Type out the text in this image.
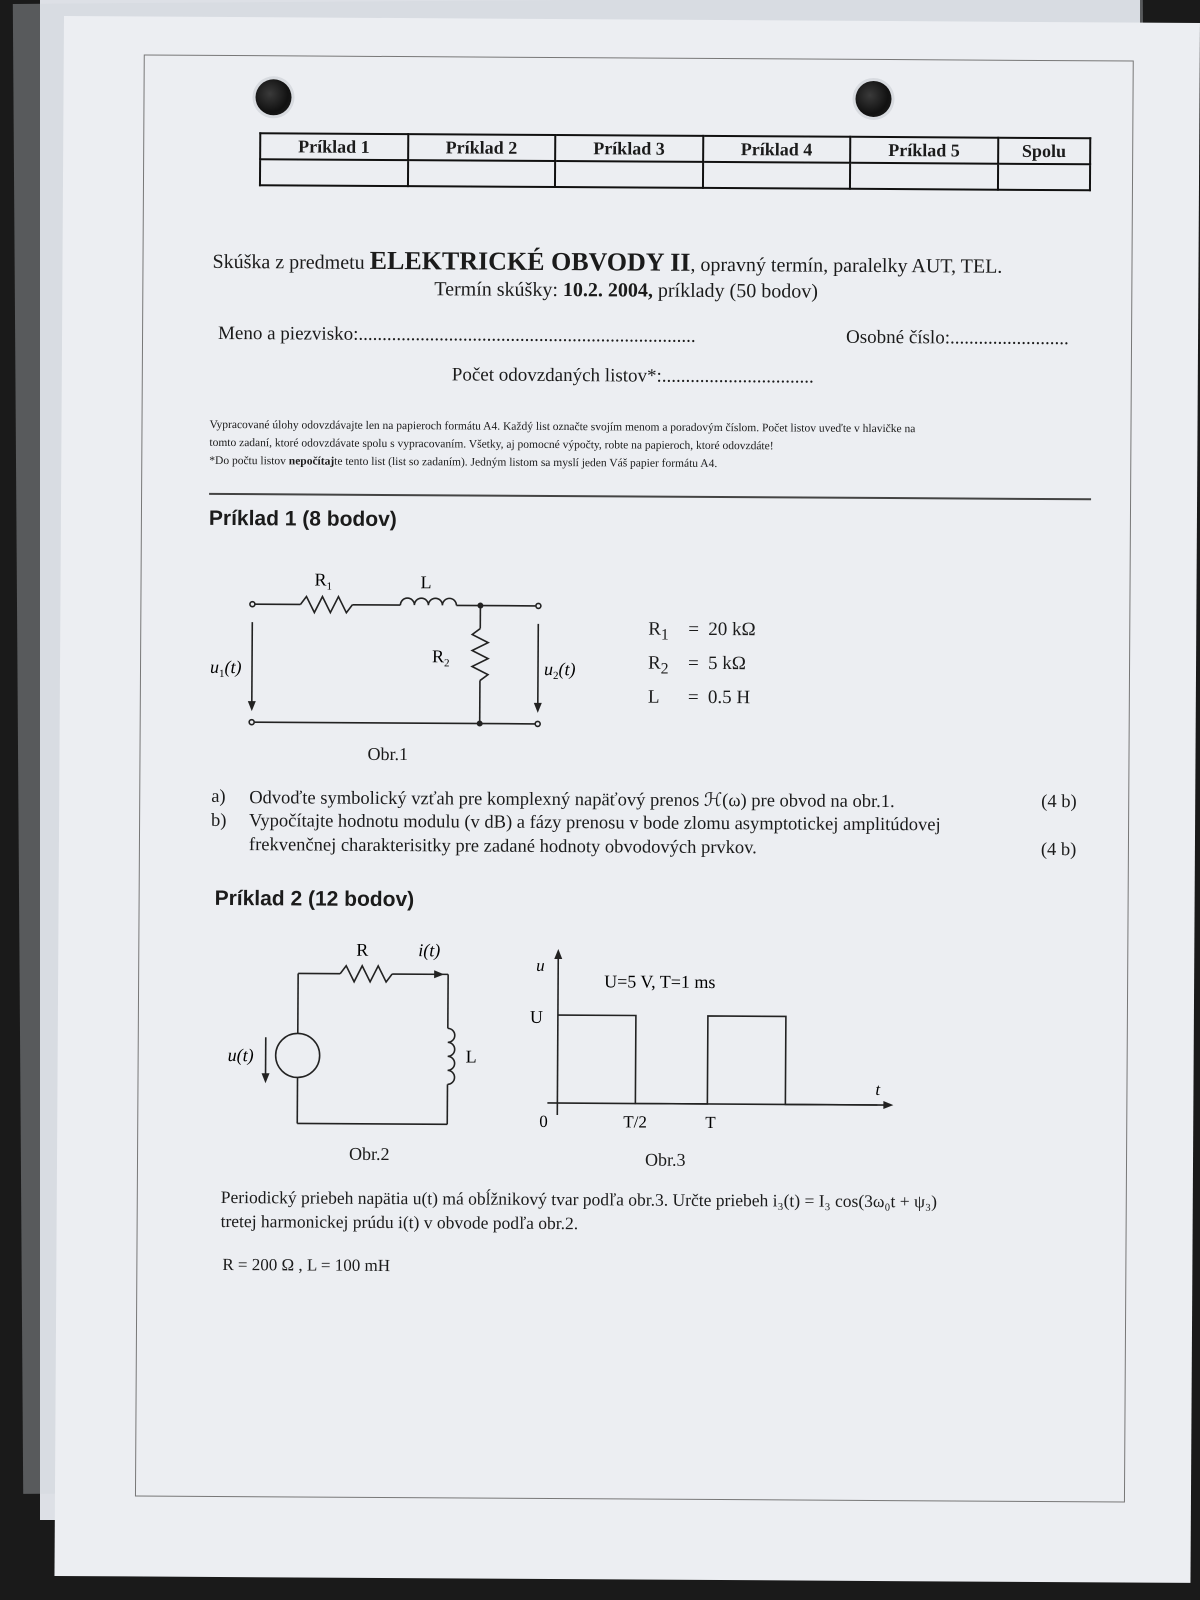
Príklad 1	Príklad 2	Príklad 3	Príklad 4	Príklad 5	Spolu

Skúška z predmetu ELEKTRICKÉ OBVODY II, opravný termín, paralelky AUT, TEL.
Termín skúšky: 10.2. 2004, príklady (50 bodov)
Meno a piezvisko:.......................................................................	Osobné číslo:.........................
Počet odovzdaných listov*:................................
Vypracované úlohy odovzdávajte len na papieroch formátu A4. Každý list označte svojím menom a poradovým číslom. Počet listov uveďte v hlavičke na
tomto zadaní, ktoré odovzdávate spolu s vypracovaním. Všetky, aj pomocné výpočty, robte na papieroch, ktoré odovzdáte!
*Do počtu listov nepočítajte tento list (list so zadaním). Jedným listom sa myslí jeden Váš papier formátu A4.
Príklad 1 (8 bodov)
$R_1$	L
$R_2$
$u_1(t)$	$u_2(t)$
$R_1 = 20$ kΩ
$R_2 = 5$ kΩ
L = 0.5 H
Obr.1
a) Odvoďte symbolický vzťah pre komplexný napäťový prenos ℋ(ω) pre obvod na obr.1.	(4 b)
b) Vypočítajte hodnotu modulu (v dB) a fázy prenosu v bode zlomu asymptotickej amplitúdovej
frekvenčnej charakterisitky pre zadané hodnoty obvodových prvkov.	(4 b)
Príklad 2 (12 bodov)
R	i(t)
u(t)	L
Obr.2
u
t
U=5 V, T=1 ms
U
0	T/2	T
Obr.3
Periodický priebeh napätia u(t) má obĺžnikový tvar podľa obr.3. Určte priebeh i₃(t) = I₃ cos(3ω₀t + ψ₃)
tretej harmonickej prúdu i(t) v obvode podľa obr.2.
R = 200 Ω , L = 100 mH
